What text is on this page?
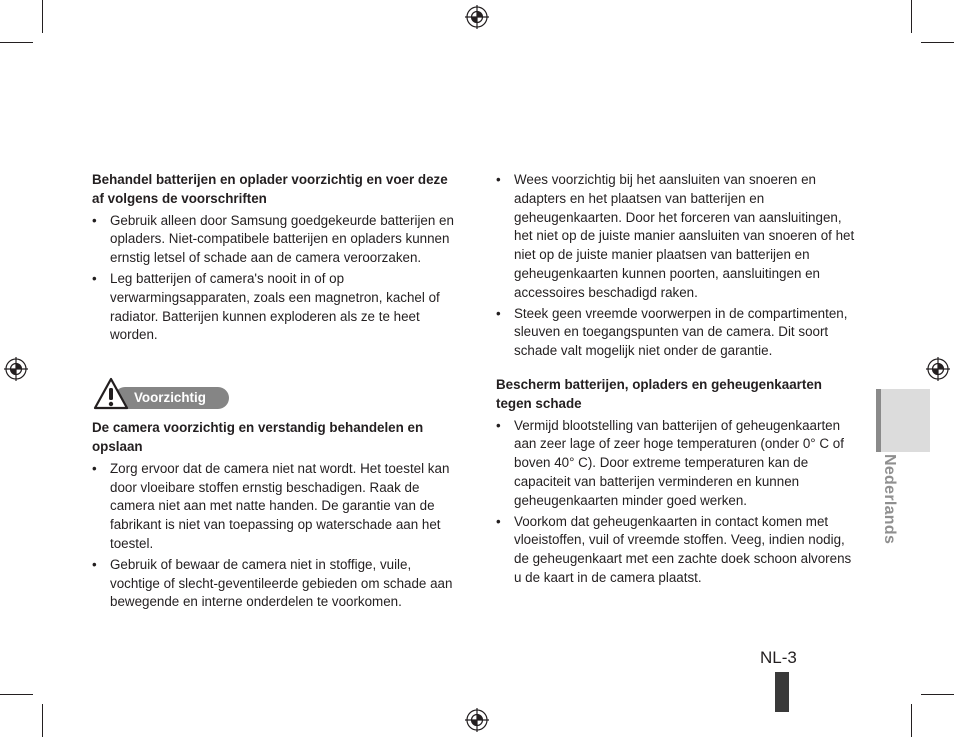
Behandel batterijen en oplader voorzichtig en voer deze af volgens de voorschriften
• Gebruik alleen door Samsung goedgekeurde batterijen en opladers. Niet-compatibele batterijen en opladers kunnen ernstig letsel of schade aan de camera veroorzaken.
• Leg batterijen of camera's nooit in of op verwarmingsapparaten, zoals een magnetron, kachel of radiator. Batterijen kunnen exploderen als ze te heet worden.
Voorzichtig
De camera voorzichtig en verstandig behandelen en opslaan
• Zorg ervoor dat de camera niet nat wordt. Het toestel kan door vloeibare stoffen ernstig beschadigen. Raak de camera niet aan met natte handen. De garantie van de fabrikant is niet van toepassing op waterschade aan het toestel.
• Gebruik of bewaar de camera niet in stoffige, vuile, vochtige of slecht-geventileerde gebieden om schade aan bewegende en interne onderdelen te voorkomen.
• Wees voorzichtig bij het aansluiten van snoeren en adapters en het plaatsen van batterijen en geheugenkaarten. Door het forceren van aansluitingen, het niet op de juiste manier aansluiten van snoeren of het niet op de juiste manier plaatsen van batterijen en geheugenkaarten kunnen poorten, aansluitingen en accessoires beschadigd raken.
• Steek geen vreemde voorwerpen in de compartimenten, sleuven en toegangspunten van de camera. Dit soort schade valt mogelijk niet onder de garantie.
Bescherm batterijen, opladers en geheugenkaarten tegen schade
• Vermijd blootstelling van batterijen of geheugenkaarten aan zeer lage of zeer hoge temperaturen (onder 0° C of boven 40° C). Door extreme temperaturen kan de capaciteit van batterijen verminderen en kunnen geheugenkaarten minder goed werken.
• Voorkom dat geheugenkaarten in contact komen met vloeistoffen, vuil of vreemde stoffen. Veeg, indien nodig, de geheugenkaart met een zachte doek schoon alvorens u de kaart in de camera plaatst.
Nederlands
NL-3
